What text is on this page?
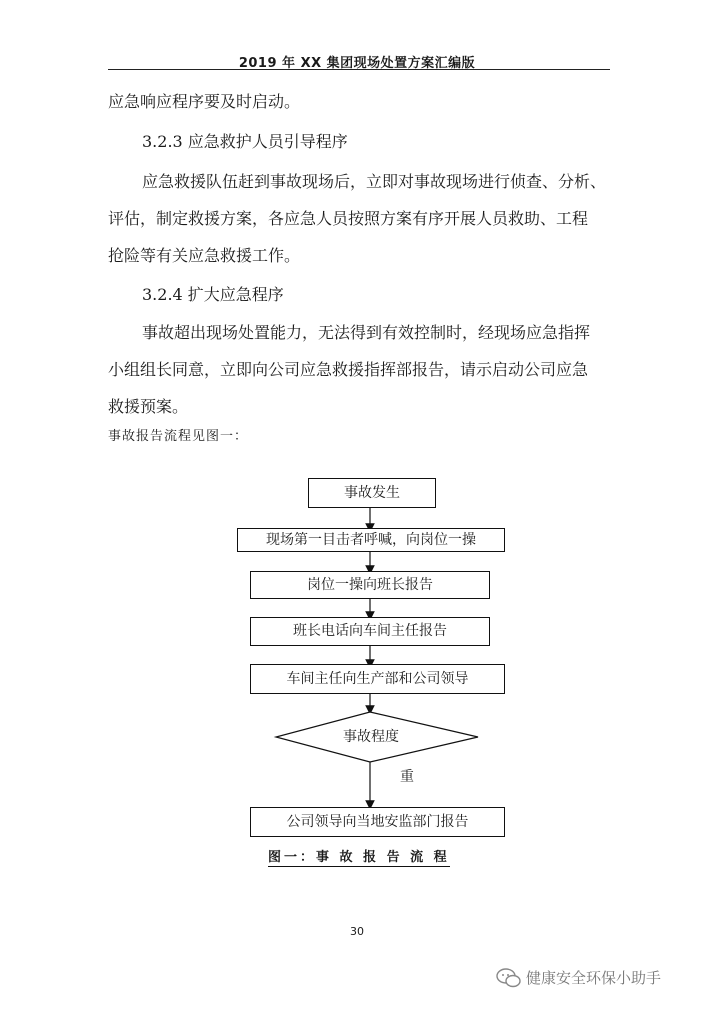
2019 年 XX 集团现场处置方案汇编版
应急响应程序要及时启动。
3.2.3 应急救护人员引导程序
应急救援队伍赶到事故现场后，立即对事故现场进行侦查、分析、
评估，制定救援方案，各应急人员按照方案有序开展人员救助、工程
抢险等有关应急救援工作。
3.2.4 扩大应急程序
事故超出现场处置能力，无法得到有效控制时，经现场应急指挥
小组组长同意，立即向公司应急救援指挥部报告，请示启动公司应急
救援预案。
事故报告流程见图一：
事故发生
现场第一目击者呼喊，向岗位一操
岗位一操向班长报告
班长电话向车间主任报告
车间主任向生产部和公司领导
事故程度
重
公司领导向当地安监部门报告
图一：事 故 报 告 流 程
30
健康安全环保小助手
